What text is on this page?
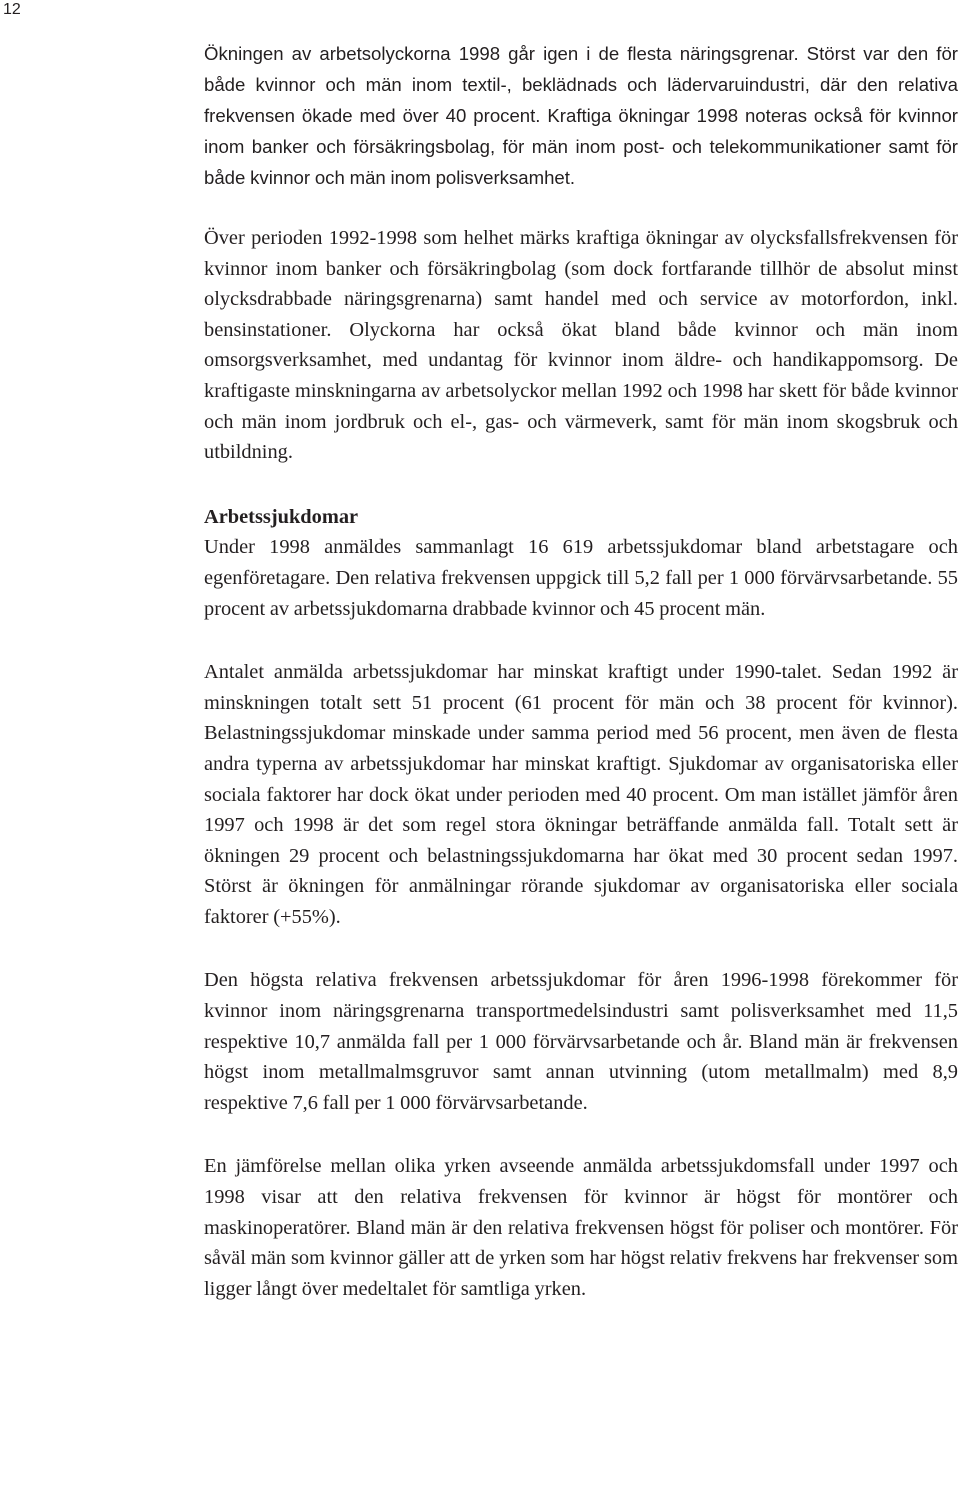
12

Ökningen av arbetsolyckorna 1998 går igen i de flesta näringsgrenar. Störst var den för både kvinnor och män inom textil-, beklädnads och lädervaruindustri, där den relativa frekvensen ökade med över 40 procent. Kraftiga ökningar 1998 noteras också för kvinnor inom banker och försäkringsbolag, för män inom post- och telekommunikationer samt för både kvinnor och män inom polisverksamhet.

Över perioden 1992-1998 som helhet märks kraftiga ökningar av olycksfallsfrekvensen för kvinnor inom banker och försäkringbolag (som dock fortfarande tillhör de absolut minst olycksdrabbade näringsgrenarna) samt handel med och service av motorfordon, inkl. bensinstationer. Olyckorna har också ökat bland både kvinnor och män inom omsorgsverksamhet, med undantag för kvinnor inom äldre- och handikappomsorg. De kraftigaste minskningarna av arbetsolyckor mellan 1992 och 1998 har skett för både kvinnor och män inom jordbruk och el-, gas- och värmeverk, samt för män inom skogsbruk och utbildning.

Arbetssjukdomar

Under 1998 anmäldes sammanlagt 16 619 arbetssjukdomar bland arbetstagare och egenföretagare. Den relativa frekvensen uppgick till 5,2 fall per 1 000 förvärvsarbetande. 55 procent av arbetssjukdomarna drabbade kvinnor och 45 procent män.

Antalet anmälda arbetssjukdomar har minskat kraftigt under 1990-talet. Sedan 1992 är minskningen totalt sett 51 procent (61 procent för män och 38 procent för kvinnor). Belastningssjukdomar minskade under samma period med 56 procent, men även de flesta andra typerna av arbetssjukdomar har minskat kraftigt. Sjukdomar av organisatoriska eller sociala faktorer har dock ökat under perioden med 40 procent. Om man istället jämför åren 1997 och 1998 är det som regel stora ökningar beträffande anmälda fall. Totalt sett är ökningen 29 procent och belastningssjukdomarna har ökat med 30 procent sedan 1997. Störst är ökningen för anmälningar rörande sjukdomar av organisatoriska eller sociala faktorer (+55%).

Den högsta relativa frekvensen arbetssjukdomar för åren 1996-1998 förekommer för kvinnor inom näringsgrenarna transportmedelsindustri samt polisverksamhet med 11,5 respektive 10,7 anmälda fall per 1 000 förvärvsarbetande och år. Bland män är frekvensen högst inom metallmalmsgruvor samt annan utvinning (utom metallmalm) med 8,9 respektive 7,6 fall per 1 000 förvärvsarbetande.

En jämförelse mellan olika yrken avseende anmälda arbetssjukdomsfall under 1997 och 1998 visar att den relativa frekvensen för kvinnor är högst för montörer och maskinoperatörer. Bland män är den relativa frekvensen högst för poliser och montörer. För såväl män som kvinnor gäller att de yrken som har högst relativ frekvens har frekvenser som ligger långt över medeltalet för samtliga yrken.
